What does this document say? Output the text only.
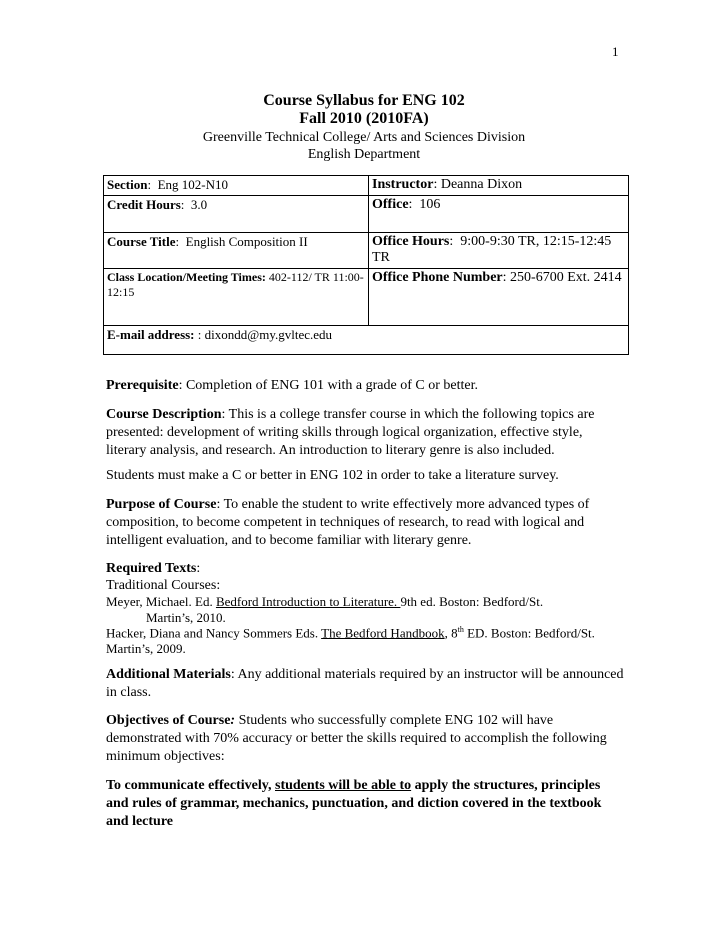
1
Course Syllabus for ENG 102
Fall 2010 (2010FA)
Greenville Technical College/ Arts and Sciences Division
English Department
Section:  Eng 102-N10	Instructor: Deanna Dixon
Credit Hours:  3.0	Office:  106
Course Title:  English Composition II	Office Hours:  9:00-9:30 TR, 12:15-12:45 TR
Class Location/Meeting Times: 402-112/ TR 11:00-12:15	Office Phone Number: 250-6700 Ext. 2414
E-mail address: : dixondd@my.gvltec.edu	
Prerequisite: Completion of ENG 101 with a grade of C or better.
Course Description: This is a college transfer course in which the following topics are presented: development of writing skills through logical organization, effective style, literary analysis, and research. An introduction to literary genre is also included.
Students must make a C or better in ENG 102 in order to take a literature survey.
Purpose of Course: To enable the student to write effectively more advanced types of composition, to become competent in techniques of research, to read with logical and intelligent evaluation, and to become familiar with literary genre.
Required Texts:
Traditional Courses:
Meyer, Michael. Ed. Bedford Introduction to Literature. 9th ed. Boston: Bedford/St.
Martin’s, 2010.
Hacker, Diana and Nancy Sommers Eds. The Bedford Handbook, 8th ED. Boston: Bedford/St. Martin’s, 2009.
Additional Materials: Any additional materials required by an instructor will be announced in class.
Objectives of Course: Students who successfully complete ENG 102 will have demonstrated with 70% accuracy or better the skills required to accomplish the following minimum objectives:
To communicate effectively, students will be able to apply the structures, principles and rules of grammar, mechanics, punctuation, and diction covered in the textbook and lecture
